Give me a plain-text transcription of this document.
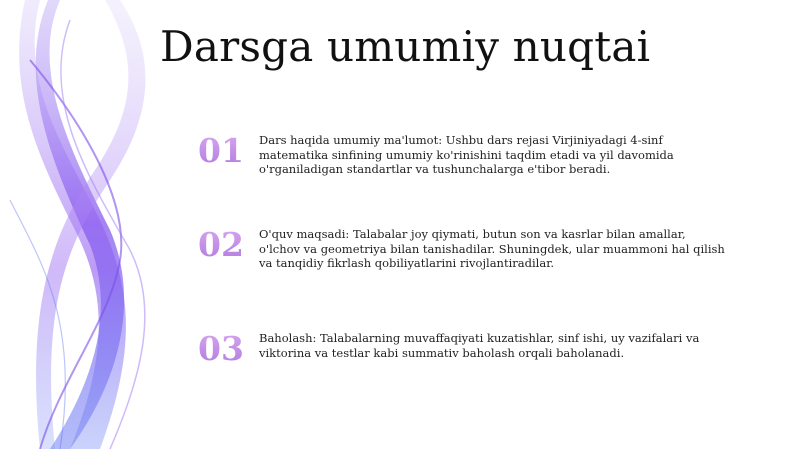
Darsga umumiy nuqtai
01 Dars haqida umumiy ma'lumot: Ushbu dars rejasi Virjiniyadagi 4-sinf matematika sinfining umumiy ko'rinishini taqdim etadi va yil davomida o'rganiladigan standartlar va tushunchalarga e'tibor beradi.
02 O'quv maqsadi: Talabalar joy qiymati, butun son va kasrlar bilan amallar, o'lchov va geometriya bilan tanishadilar. Shuningdek, ular muammoni hal qilish va tanqidiy fikrlash qobiliyatlarini rivojlantiradilar.
03 Baholash: Talabalarning muvaffaqiyati kuzatishlar, sinf ishi, uy vazifalari va viktorina va testlar kabi summativ baholash orqali baholanadi.
